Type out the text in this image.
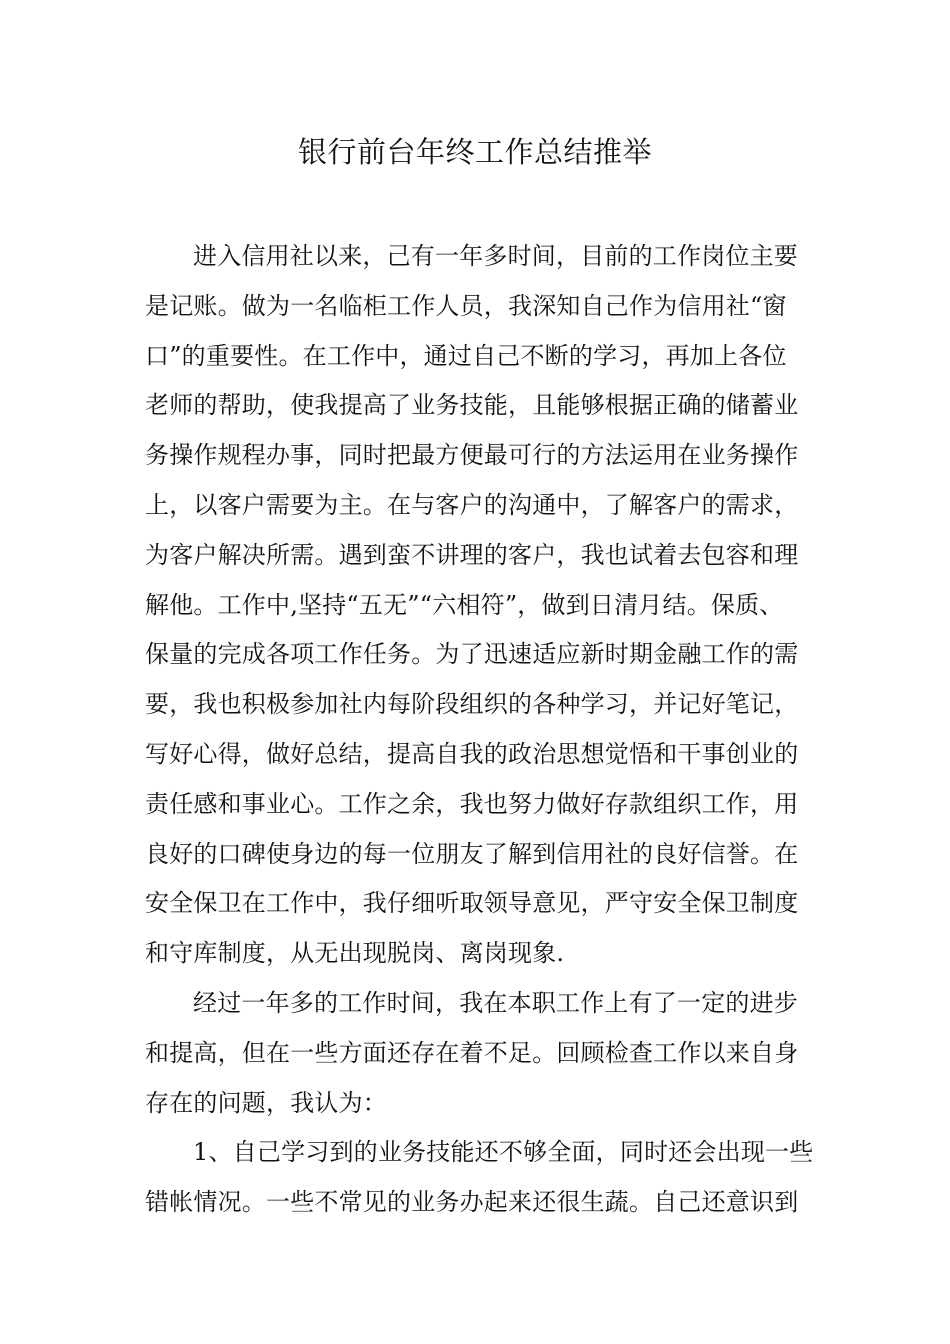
银行前台年终工作总结推举
进入信用社以来，己有一年多时间，目前的工作岗位主要
是记账。做为一名临柜工作人员，我深知自己作为信用社“窗
口”的重要性。在工作中，通过自己不断的学习，再加上各位
老师的帮助，使我提高了业务技能，且能够根据正确的储蓄业
务操作规程办事，同时把最方便最可行的方法运用在业务操作
上，以客户需要为主。在与客户的沟通中，了解客户的需求，
为客户解决所需。遇到蛮不讲理的客户，我也试着去包容和理
解他。工作中,坚持“五无”“六相符”，做到日清月结。保质、
保量的完成各项工作任务。为了迅速适应新时期金融工作的需
要，我也积极参加社内每阶段组织的各种学习，并记好笔记，
写好心得，做好总结，提高自我的政治思想觉悟和干事创业的
责任感和事业心。工作之余，我也努力做好存款组织工作，用
良好的口碑使身边的每一位朋友了解到信用社的良好信誉。在
安全保卫在工作中，我仔细听取领导意见，严守安全保卫制度
和守库制度，从无出现脱岗、离岗现象.
经过一年多的工作时间，我在本职工作上有了一定的进步
和提高，但在一些方面还存在着不足。回顾检查工作以来自身
存在的问题，我认为：
1、自己学习到的业务技能还不够全面，同时还会出现一些
错帐情况。一些不常见的业务办起来还很生蔬。自己还意识到
